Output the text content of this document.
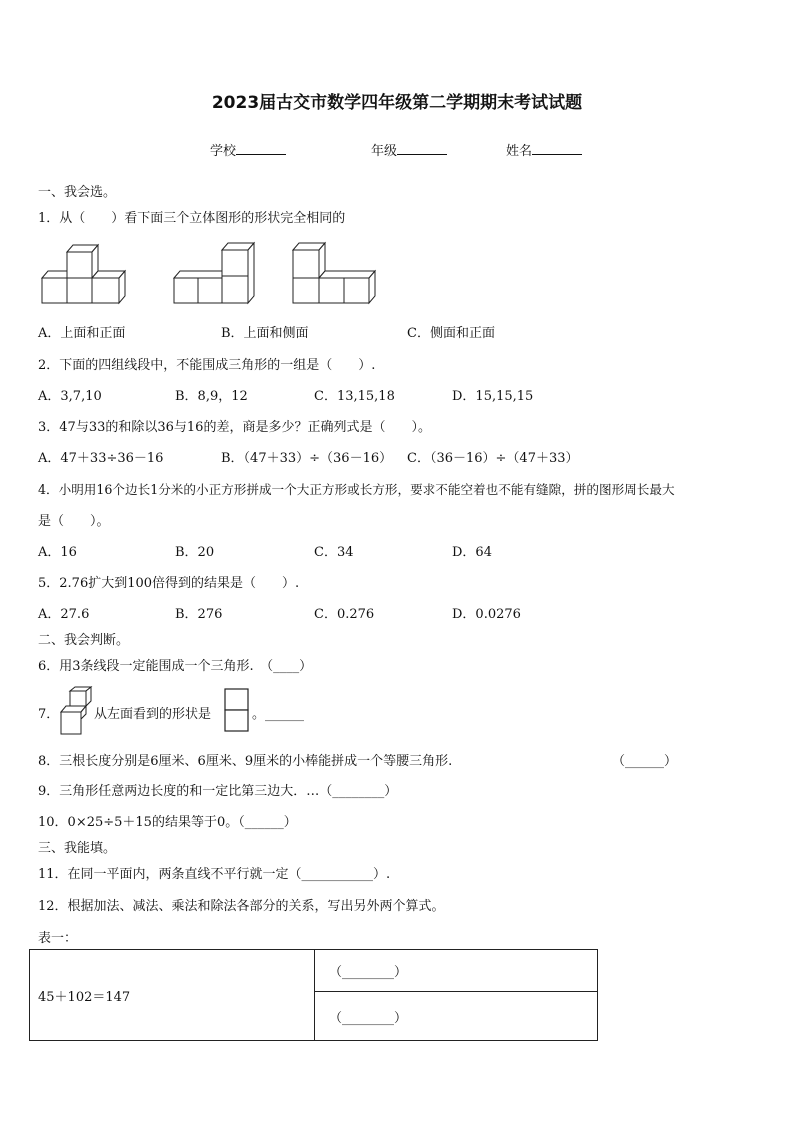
2023届古交市数学四年级第二学期期末考试试题
学校	年级	姓名
一、我会选。
1．从（　　）看下面三个立体图形的形状完全相同的
A．上面和正面	B．上面和侧面	C．侧面和正面
2．下面的四组线段中，不能围成三角形的一组是（　　）.
A．3,7,10	B．8,9，12	C．13,15,18	D．15,15,15
3．47与33的和除以36与16的差，商是多少？正确列式是（　　）。
A．47＋33÷36－16	B．（47＋33）÷（36－16） C．（36－16）÷（47＋33）
4．小明用16个边长1分米的小正方形拼成一个大正方形或长方形，要求不能空着也不能有缝隙，拼的图形周长最大
是（　　）。
A．16	B．20	C．34	D．64
5．2.76扩大到100倍得到的结果是（　　）.
A．27.6	B．276	C．0.276	D．0.0276
二、我会判断。
6．用3条线段一定能围成一个三角形.　（____）
7．	从左面看到的形状是	。______
8．三根长度分别是6厘米、6厘米、9厘米的小棒能拼成一个等腰三角形.	（______）
9．三角形任意两边长度的和一定比第三边大．…（________）
10．0×25÷5＋15的结果等于0。（______）
三、我能填。
11．在同一平面内，两条直线不平行就一定（___________）.
12．根据加法、减法、乘法和除法各部分的关系，写出另外两个算式。
表一：
45＋102＝147	（________）
（________）
